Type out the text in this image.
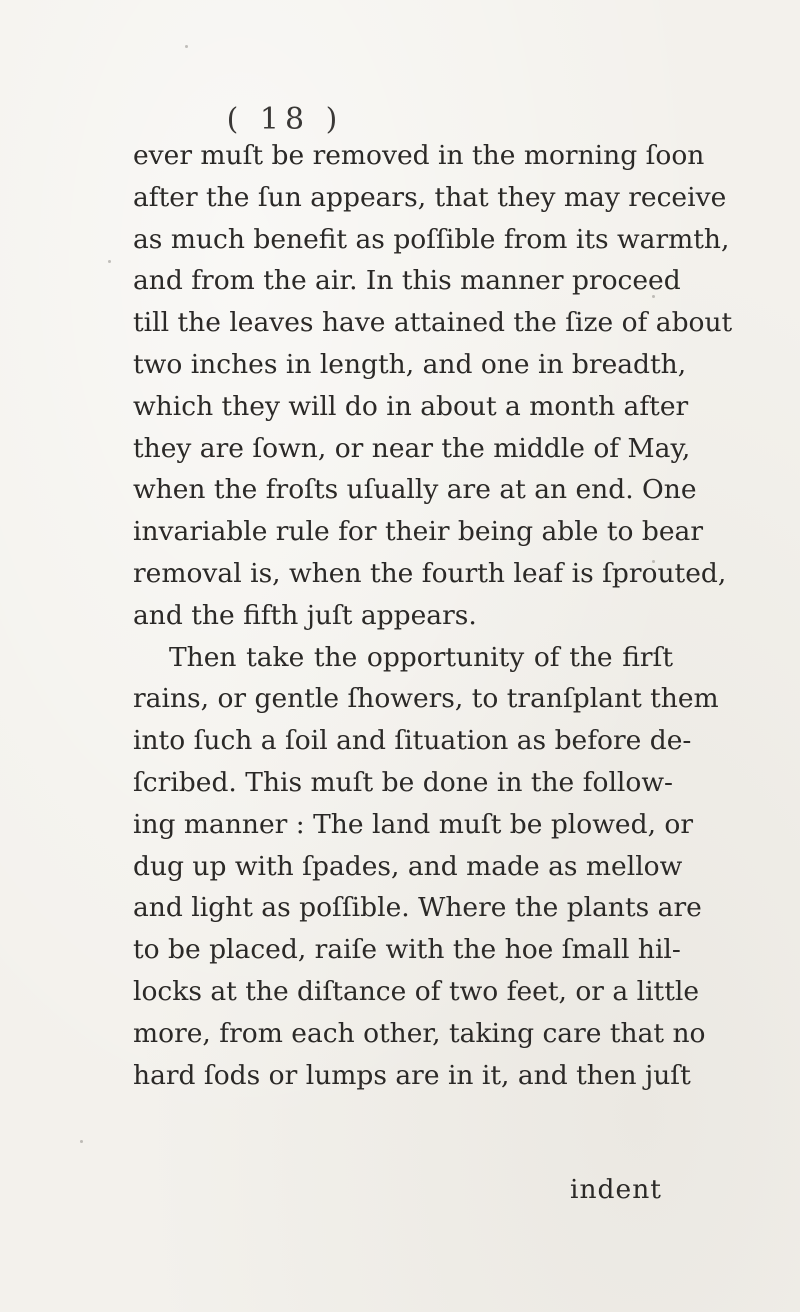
( 18 )
ever muſt be removed in the morning ſoon
after the ſun appears, that they may receive
as much benefit as poſſible from its warmth,
and from the air. In this manner proceed
till the leaves have attained the ſize of about
two inches in length, and one in breadth,
which they will do in about a month after
they are ſown, or near the middle of May,
when the froſts uſually are at an end. One
invariable rule for their being able to bear
removal is, when the fourth leaf is ſprouted,
and the fifth juſt appears.
Then take the opportunity of the firſt
rains, or gentle ſhowers, to tranſplant them
into ſuch a ſoil and ſituation as before de-
ſcribed. This muſt be done in the follow-
ing manner : The land muſt be plowed, or
dug up with ſpades, and made as mellow
and light as poſſible. Where the plants are
to be placed, raiſe with the hoe ſmall hil-
locks at the diſtance of two feet, or a little
more, from each other, taking care that no
hard ſods or lumps are in it, and then juſt
indent
